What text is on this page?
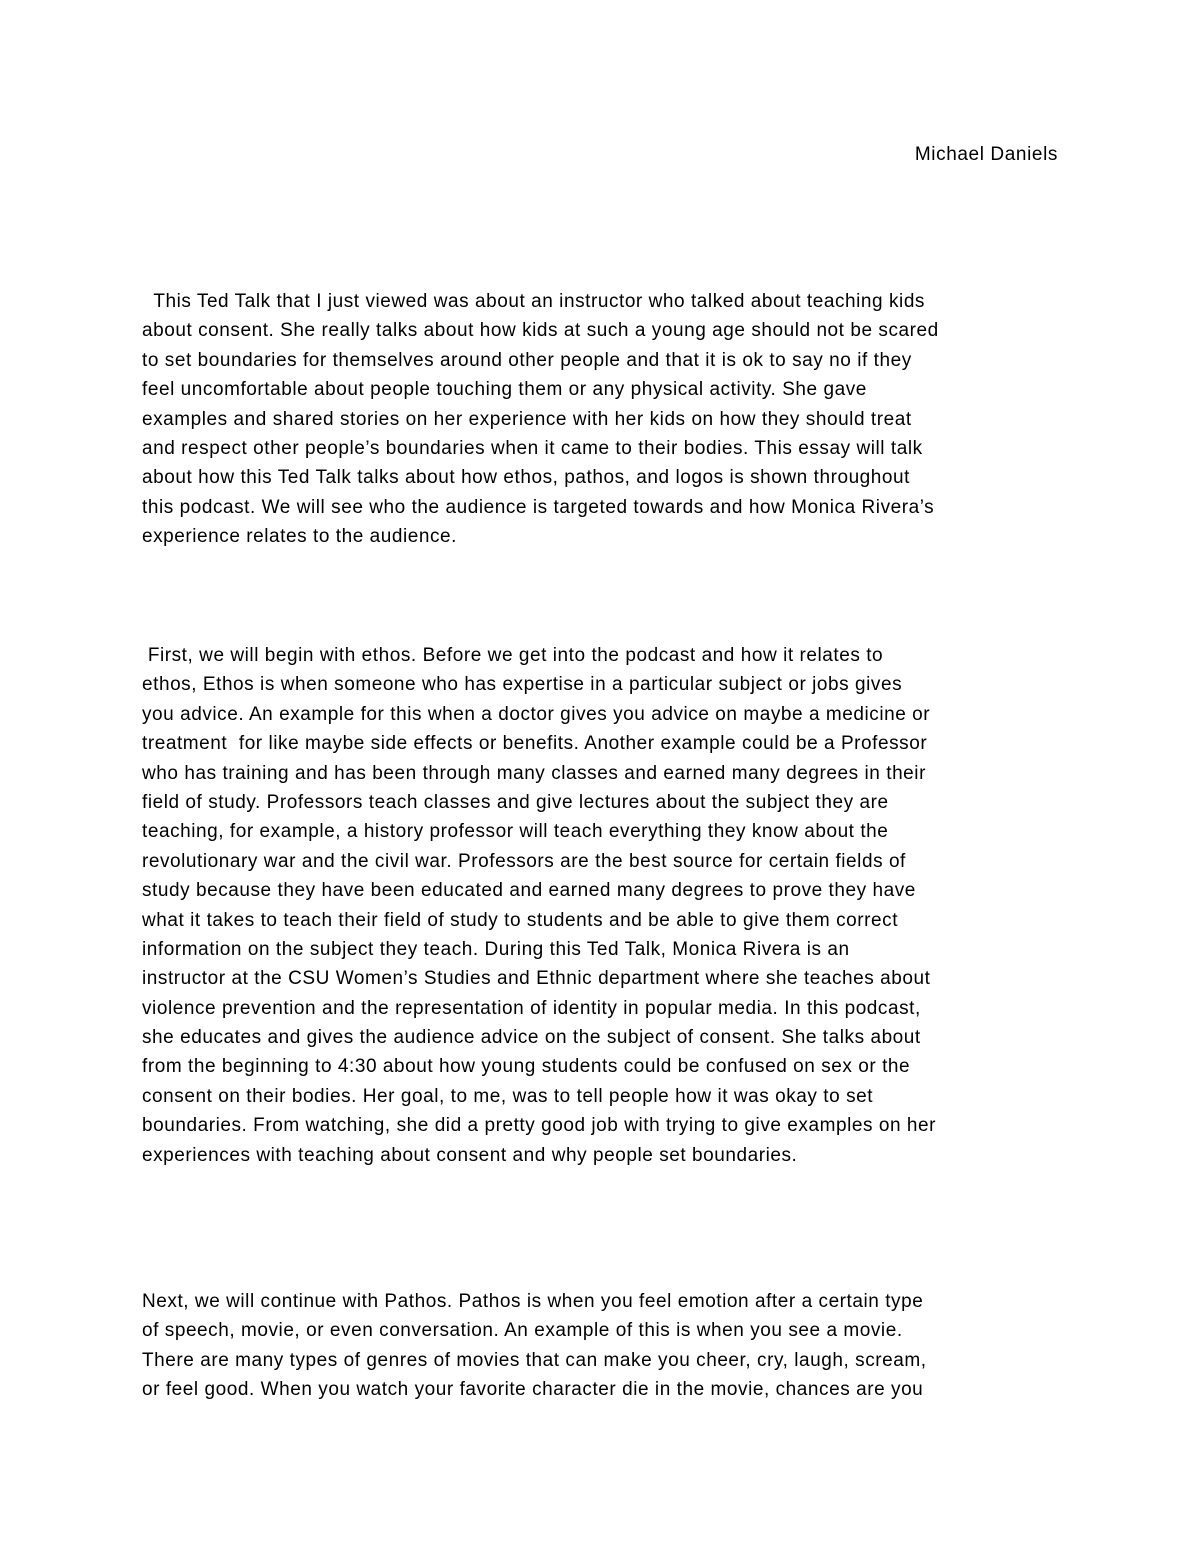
Michael Daniels

This Ted Talk that I just viewed was about an instructor who talked about teaching kids
about consent. She really talks about how kids at such a young age should not be scared
to set boundaries for themselves around other people and that it is ok to say no if they
feel uncomfortable about people touching them or any physical activity. She gave
examples and shared stories on her experience with her kids on how they should treat
and respect other people’s boundaries when it came to their bodies. This essay will talk
about how this Ted Talk talks about how ethos, pathos, and logos is shown throughout
this podcast. We will see who the audience is targeted towards and how Monica Rivera’s
experience relates to the audience.

First, we will begin with ethos. Before we get into the podcast and how it relates to
ethos, Ethos is when someone who has expertise in a particular subject or jobs gives
you advice. An example for this when a doctor gives you advice on maybe a medicine or
treatment  for like maybe side effects or benefits. Another example could be a Professor
who has training and has been through many classes and earned many degrees in their
field of study. Professors teach classes and give lectures about the subject they are
teaching, for example, a history professor will teach everything they know about the
revolutionary war and the civil war. Professors are the best source for certain fields of
study because they have been educated and earned many degrees to prove they have
what it takes to teach their field of study to students and be able to give them correct
information on the subject they teach. During this Ted Talk, Monica Rivera is an
instructor at the CSU Women’s Studies and Ethnic department where she teaches about
violence prevention and the representation of identity in popular media. In this podcast,
she educates and gives the audience advice on the subject of consent. She talks about
from the beginning to 4:30 about how young students could be confused on sex or the
consent on their bodies. Her goal, to me, was to tell people how it was okay to set
boundaries. From watching, she did a pretty good job with trying to give examples on her
experiences with teaching about consent and why people set boundaries.

Next, we will continue with Pathos. Pathos is when you feel emotion after a certain type
of speech, movie, or even conversation. An example of this is when you see a movie.
There are many types of genres of movies that can make you cheer, cry, laugh, scream,
or feel good. When you watch your favorite character die in the movie, chances are you
